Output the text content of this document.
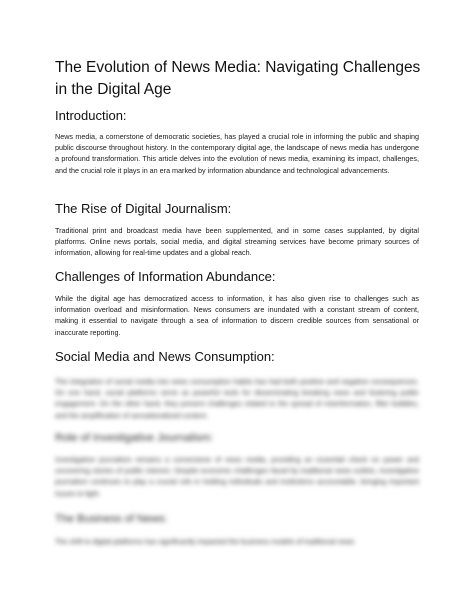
The Evolution of News Media: Navigating Challenges in the Digital Age
Introduction:

News media, a cornerstone of democratic societies, has played a crucial role in informing the public and shaping public discourse throughout history. In the contemporary digital age, the landscape of news media has undergone a profound transformation. This article delves into the evolution of news media, examining its impact, challenges, and the crucial role it plays in an era marked by information abundance and technological advancements.

The Rise of Digital Journalism:

Traditional print and broadcast media have been supplemented, and in some cases supplanted, by digital platforms. Online news portals, social media, and digital streaming services have become primary sources of information, allowing for real-time updates and a global reach.

Challenges of Information Abundance:

While the digital age has democratized access to information, it has also given rise to challenges such as information overload and misinformation. News consumers are inundated with a constant stream of content, making it essential to navigate through a sea of information to discern credible sources from sensational or inaccurate reporting.

Social Media and News Consumption:

The integration of social media into news consumption habits has had both positive and negative consequences. On one hand, social platforms serve as powerful tools for disseminating breaking news and fostering public engagement. On the other hand, they present challenges related to the spread of misinformation, filter bubbles, and the amplification of sensationalized content.

Role of Investigative Journalism:

Investigative journalism remains a cornerstone of news media, providing an essential check on power and uncovering stories of public interest. Despite economic challenges faced by traditional news outlets, investigative journalism continues to play a crucial role in holding individuals and institutions accountable, bringing important issues to light.

The Business of News:

The shift to digital platforms has significantly impacted the business models of traditional news
